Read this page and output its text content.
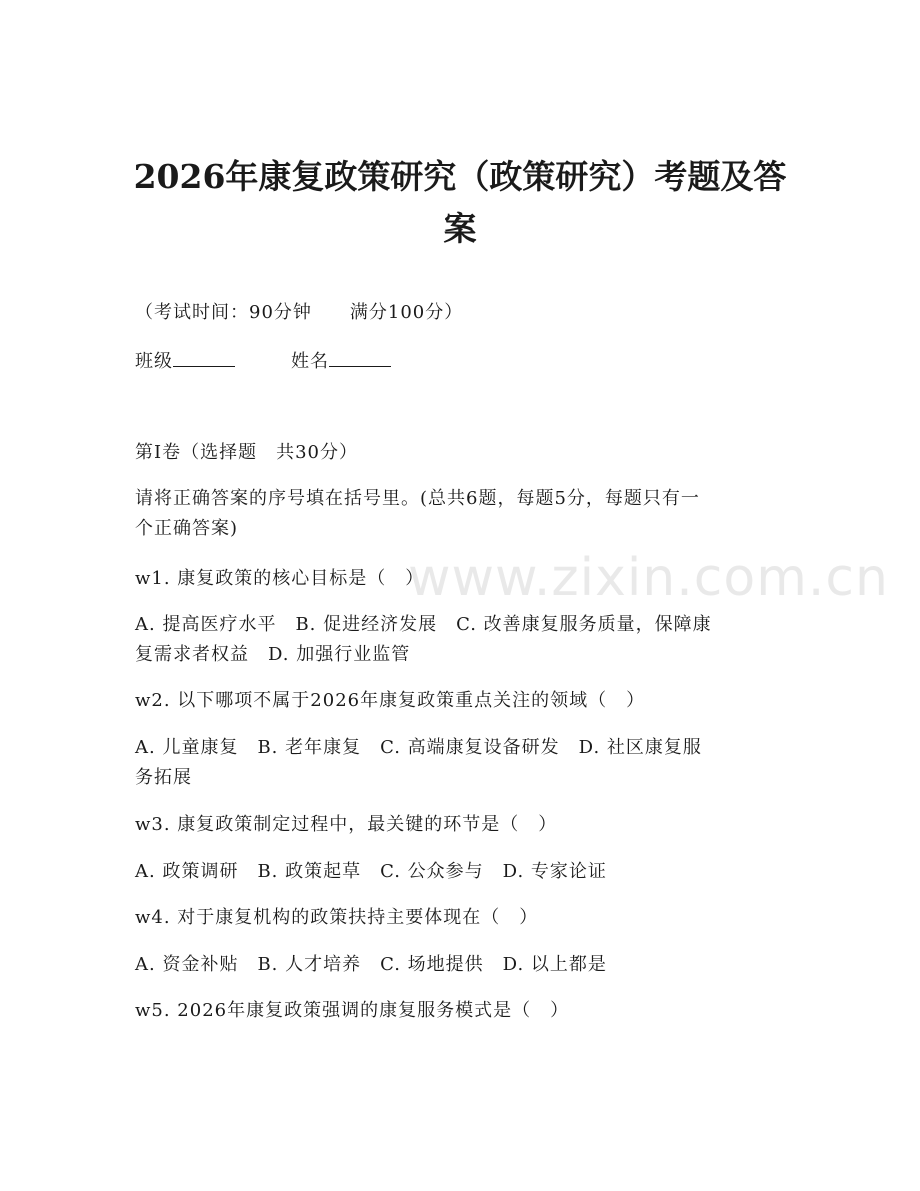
www.zixin.com.cn
2026年康复政策研究（政策研究）考题及答
案
（考试时间：90分钟　　满分100分）
班级	姓名
第I卷（选择题　共30分）
请将正确答案的序号填在括号里。(总共6题，每题5分，每题只有一
个正确答案)
w1. 康复政策的核心目标是（　）
A. 提高医疗水平　B. 促进经济发展　C. 改善康复服务质量，保障康
复需求者权益　D. 加强行业监管
w2. 以下哪项不属于2026年康复政策重点关注的领域（　）
A. 儿童康复　B. 老年康复　C. 高端康复设备研发　D. 社区康复服
务拓展
w3. 康复政策制定过程中，最关键的环节是（　）
A. 政策调研　B. 政策起草　C. 公众参与　D. 专家论证
w4. 对于康复机构的政策扶持主要体现在（　）
A. 资金补贴　B. 人才培养　C. 场地提供　D. 以上都是
w5. 2026年康复政策强调的康复服务模式是（　）
